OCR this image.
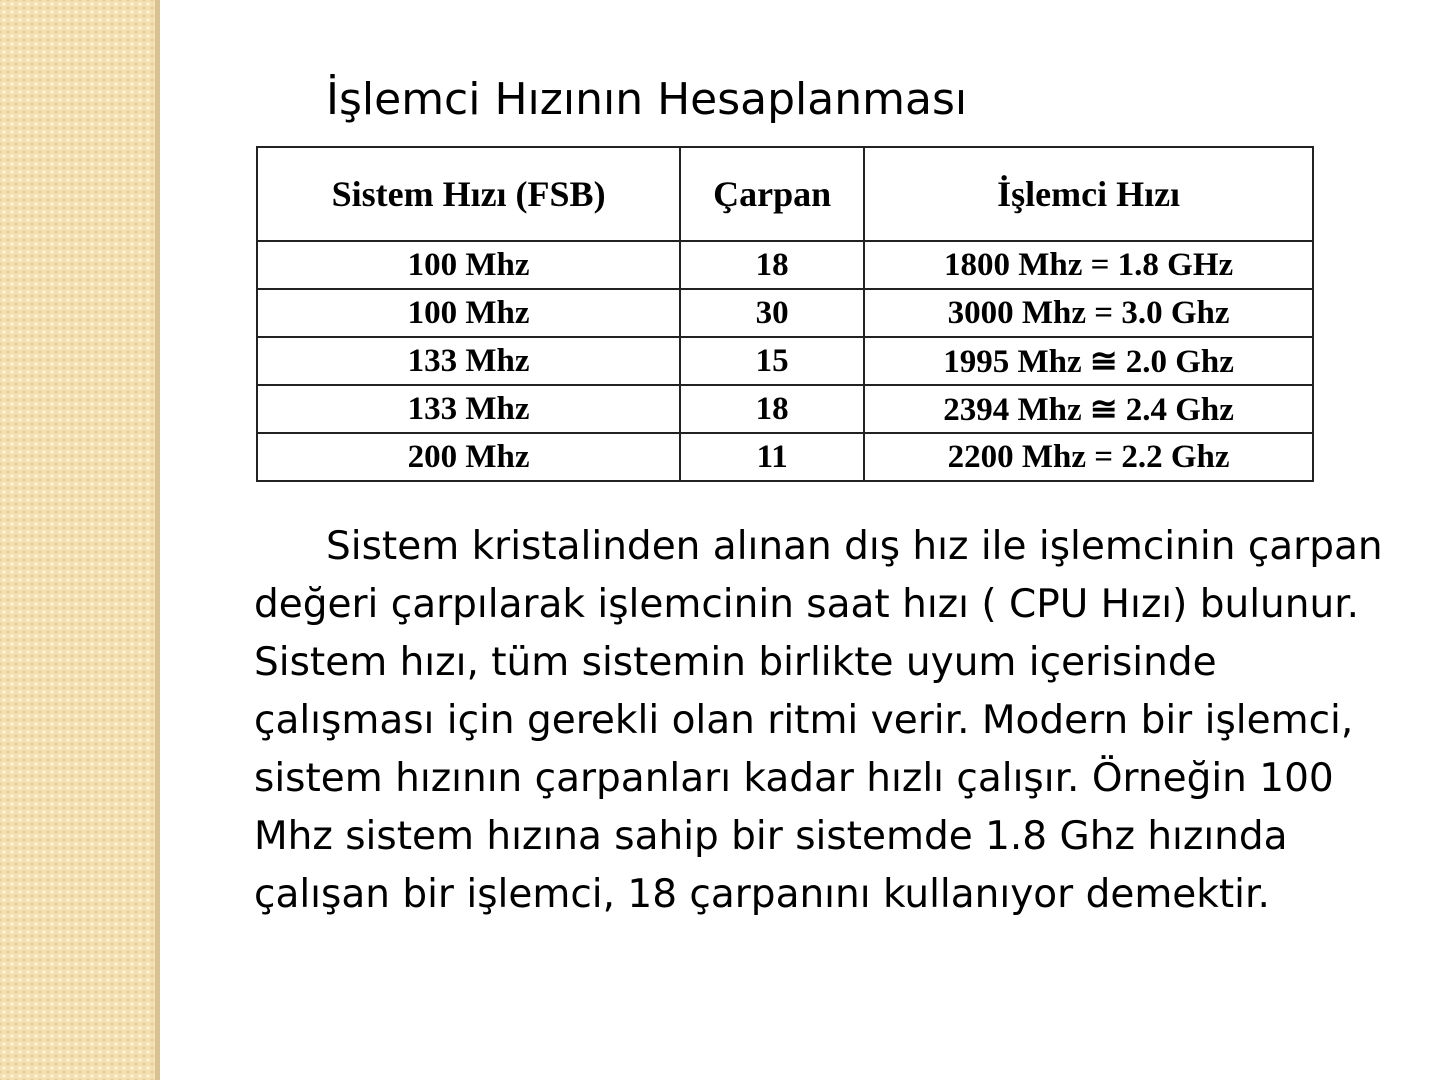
İşlemci Hızının Hesaplanması
Sistem Hızı (FSB)	Çarpan	İşlemci Hızı
100 Mhz	18	1800 Mhz = 1.8 GHz
100 Mhz	30	3000 Mhz = 3.0 Ghz
133 Mhz	15	1995 Mhz ≅ 2.0 Ghz
133 Mhz	18	2394 Mhz ≅ 2.4 Ghz
200 Mhz	11	2200 Mhz = 2.2 Ghz

Sistem kristalinden alınan dış hız ile işlemcinin çarpan değeri çarpılarak işlemcinin saat hızı ( CPU Hızı) bulunur. Sistem hızı, tüm sistemin birlikte uyum içerisinde çalışması için gerekli olan ritmi verir. Modern bir işlemci, sistem hızının çarpanları kadar hızlı çalışır. Örneğin 100 Mhz sistem hızına sahip bir sistemde 1.8 Ghz hızında çalışan bir işlemci, 18 çarpanını kullanıyor demektir.
